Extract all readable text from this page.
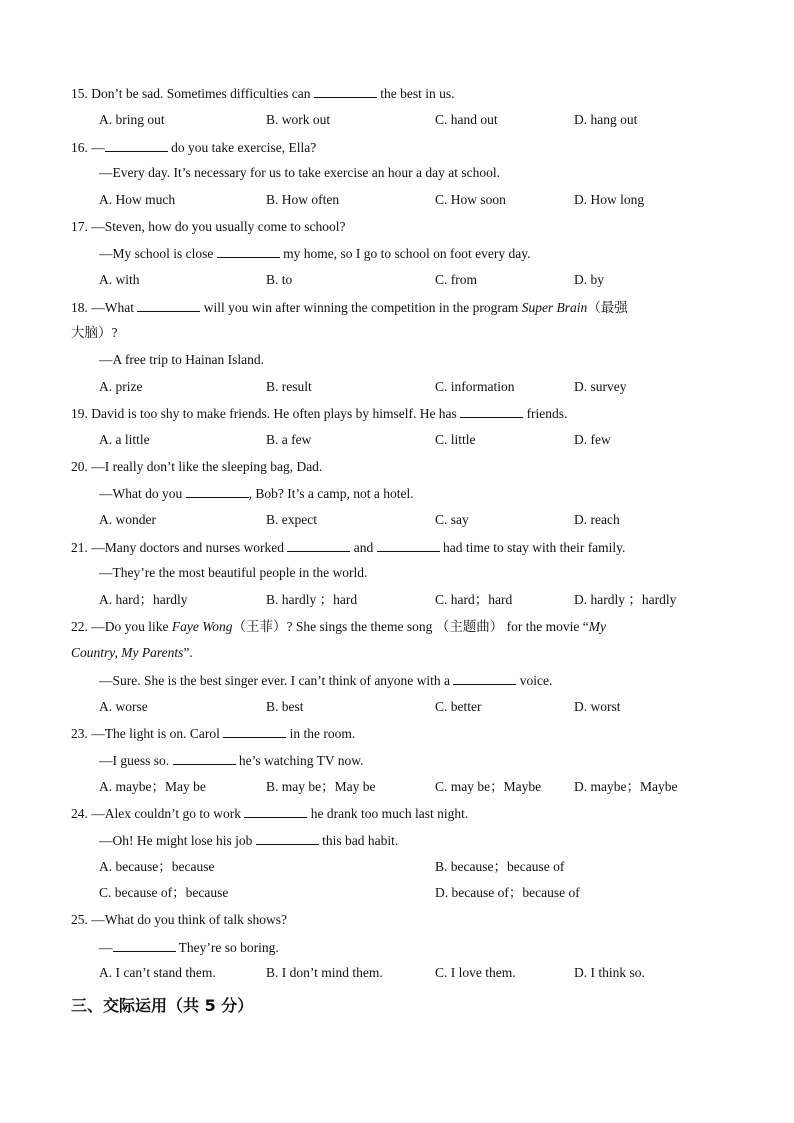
15. Don’t be sad. Sometimes difficulties can	the best in us.
A. bring out	B. work out	C. hand out	D. hang out
16. —	do you take exercise, Ella?
—Every day. It’s necessary for us to take exercise an hour a day at school.
A. How much	B. How often	C. How soon	D. How long
17. —Steven, how do you usually come to school?
—My school is close	my home, so I go to school on foot every day.
A. with	B. to	C. from	D. by
18. —What	will you win after winning the competition in the program Super Brain（最强
大脑）?
—A free trip to Hainan Island.
A. prize	B. result	C. information	D. survey
19. David is too shy to make friends. He often plays by himself. He has	friends.
A. a little	B. a few	C. little	D. few
20. —I really don’t like the sleeping bag, Dad.
—What do you	, Bob? It’s a camp, not a hotel.
A. wonder	B. expect	C. say	D. reach
21. —Many doctors and nurses worked	and	had time to stay with their family.
—They’re the most beautiful people in the world.
A. hard；hardly	B. hardly ；hard	C. hard；hard	D. hardly ；hardly
22. —Do you like Faye Wong（王菲）? She sings the theme song （主题曲） for the movie “My
Country, My Parents”.
—Sure. She is the best singer ever. I can’t think of anyone with a	voice.
A. worse	B. best	C. better	D. worst
23. —The light is on. Carol	in the room.
—I guess so.	he’s watching TV now.
A. maybe；May be	B. may be；May be	C. may be；Maybe D. maybe；Maybe
24. —Alex couldn’t go to work	he drank too much last night.
—Oh! He might lose his job	this bad habit.
A. because；because	B. because；because of
C. because of；because	D. because of；because of
25. —What do you think of talk shows?
—	They’re so boring.
A. I can’t stand them.	B. I don’t mind them.	C. I love them.	D. I think so.
三、交际运用（共 5 分）
